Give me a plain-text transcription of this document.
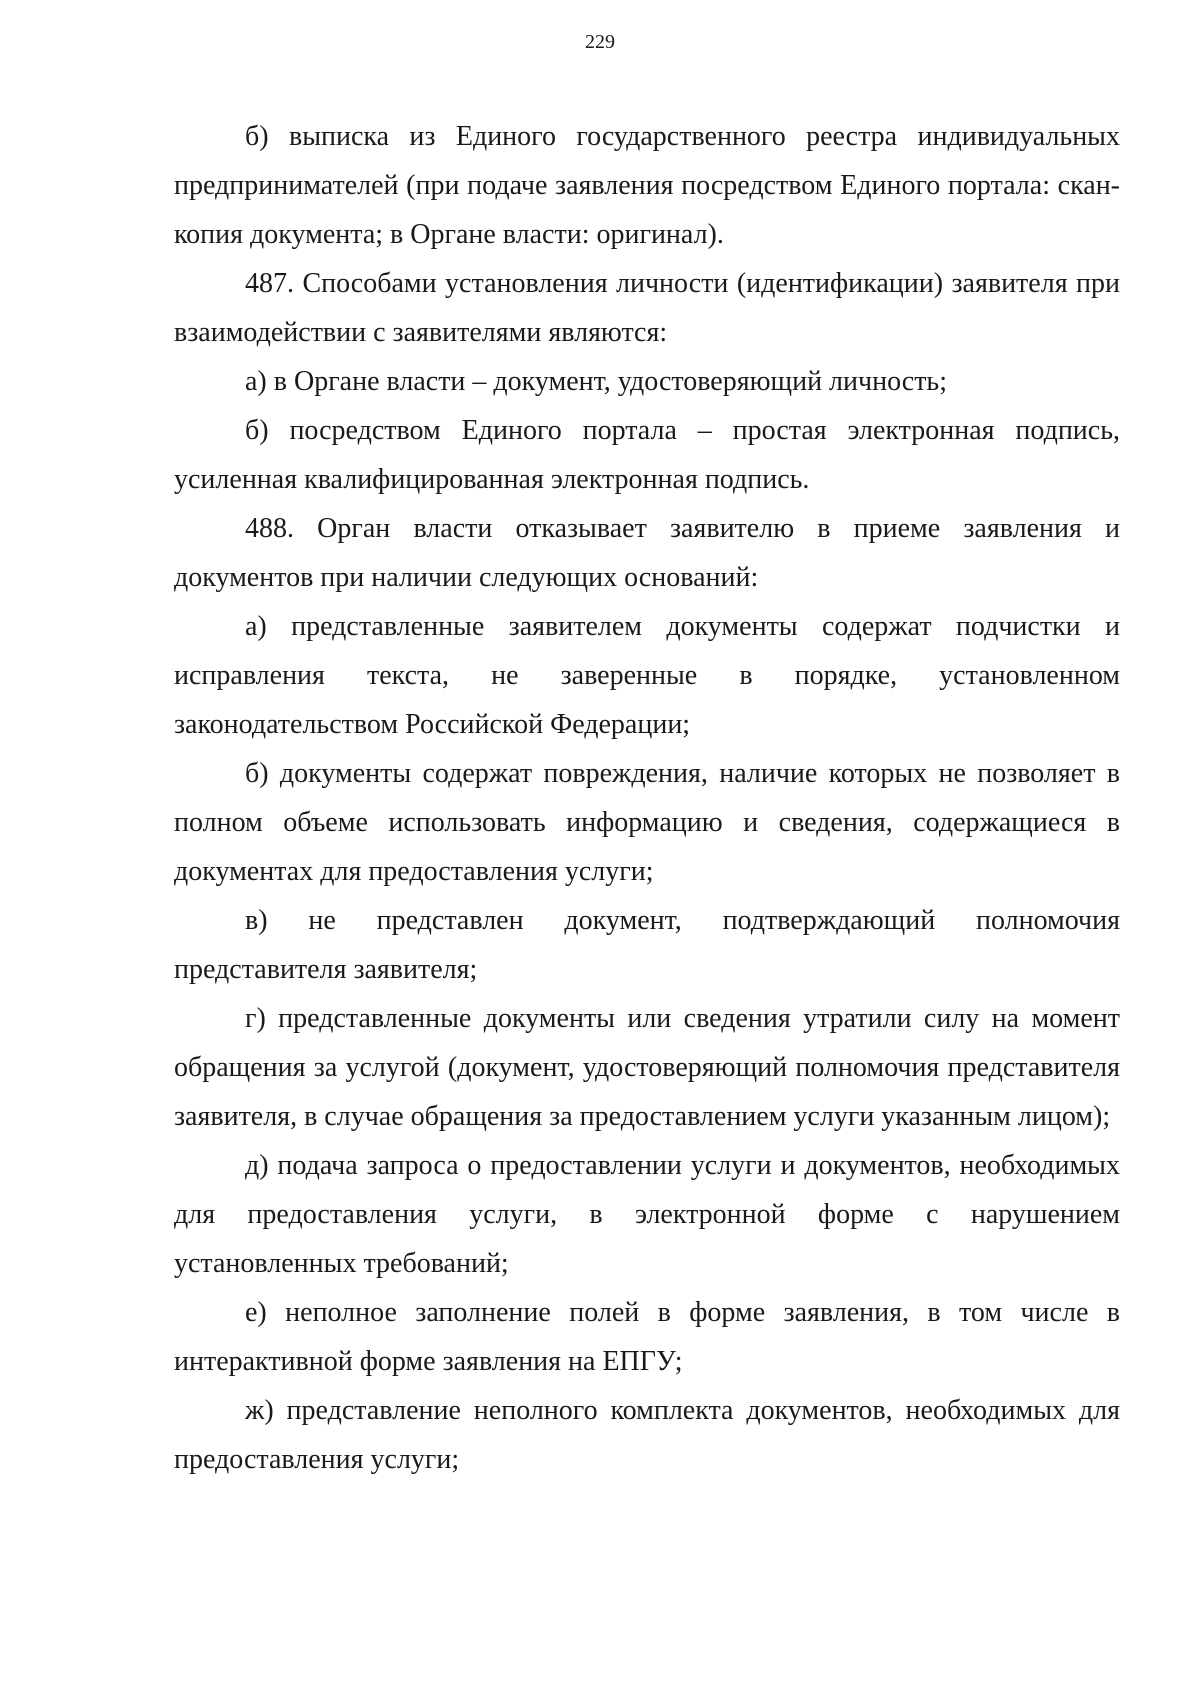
229

б) выписка из Единого государственного реестра индивидуальных предпринимателей (при подаче заявления посредством Единого портала: скан-копия документа; в Органе власти: оригинал).

487. Способами установления личности (идентификации) заявителя при взаимодействии с заявителями являются:

а) в Органе власти – документ, удостоверяющий личность;

б) посредством Единого портала – простая электронная подпись, усиленная квалифицированная электронная подпись.

488. Орган власти отказывает заявителю в приеме заявления и документов при наличии следующих оснований:

а) представленные заявителем документы содержат подчистки и исправления текста, не заверенные в порядке, установленном законодательством Российской Федерации;

б) документы содержат повреждения, наличие которых не позволяет в полном объеме использовать информацию и сведения, содержащиеся в документах для предоставления услуги;

в) не представлен документ, подтверждающий полномочия представителя заявителя;

г) представленные документы или сведения утратили силу на момент обращения за услугой (документ, удостоверяющий полномочия представителя заявителя, в случае обращения за предоставлением услуги указанным лицом);

д) подача запроса о предоставлении услуги и документов, необходимых для предоставления услуги, в электронной форме с нарушением установленных требований;

е) неполное заполнение полей в форме заявления, в том числе в интерактивной форме заявления на ЕПГУ;

ж) представление неполного комплекта документов, необходимых для предоставления услуги;
